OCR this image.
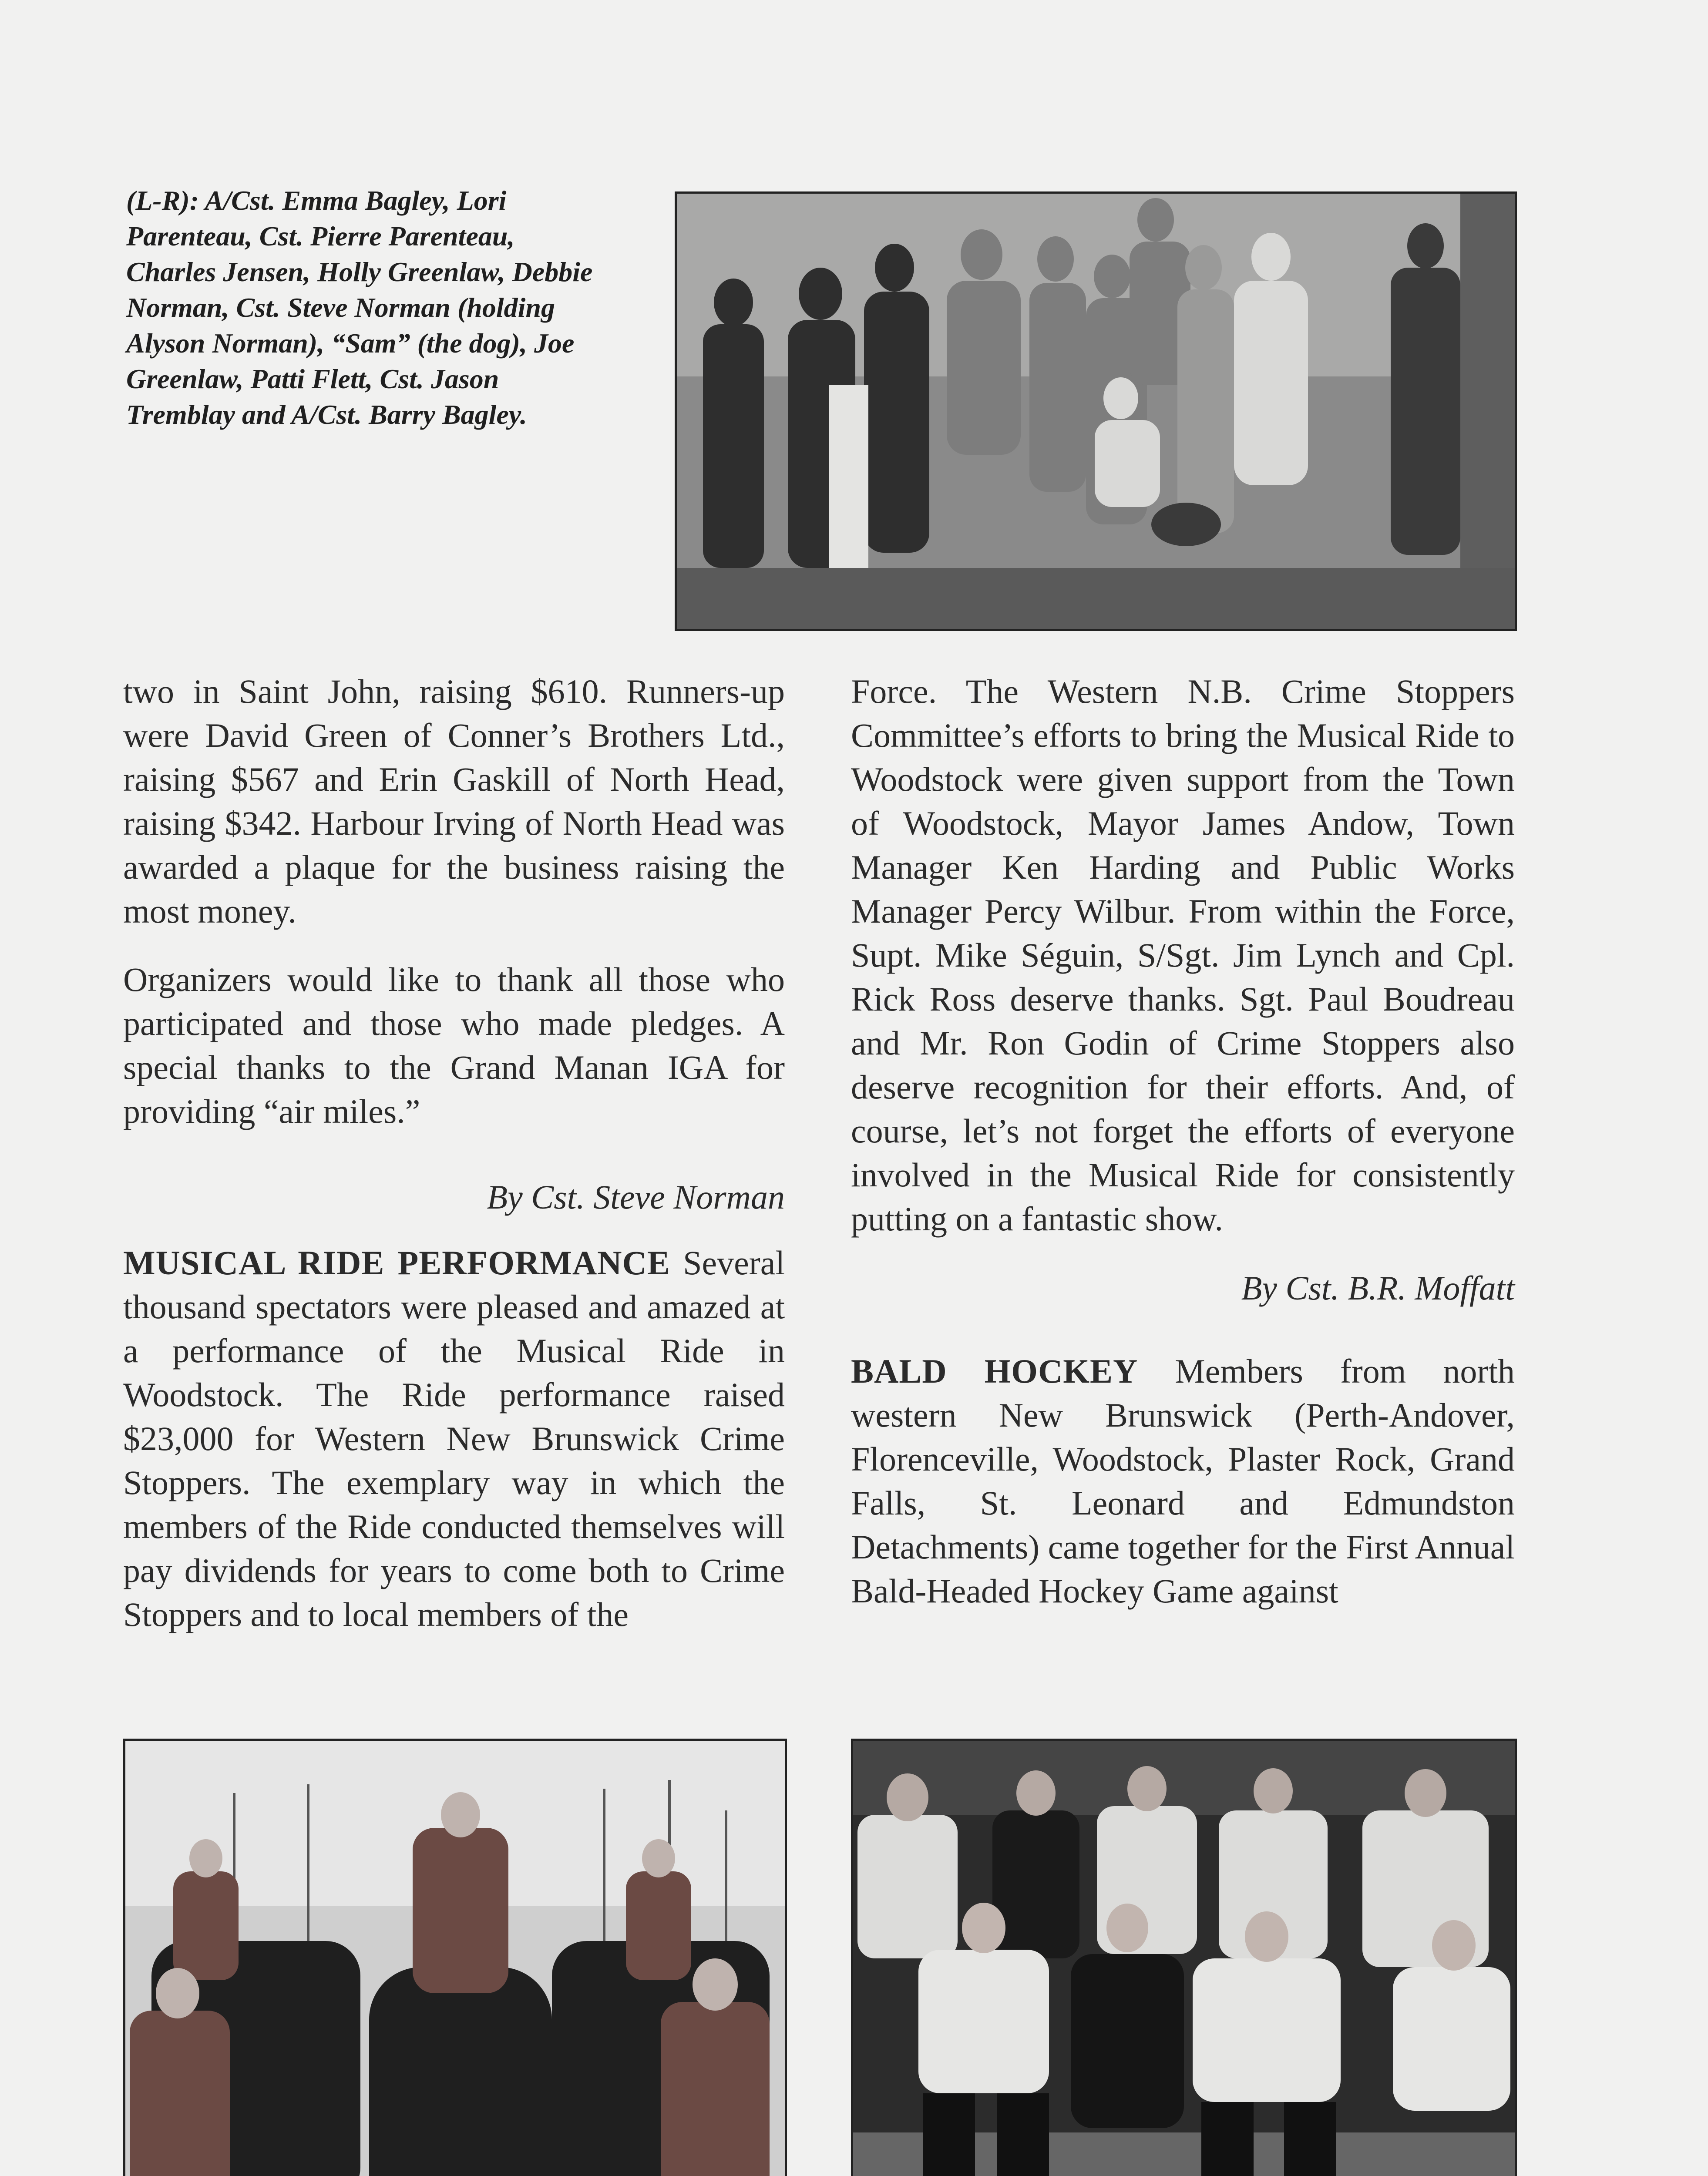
(L-R): A/Cst. Emma Bagley, Lori Parenteau, Cst. Pierre Parenteau, Charles Jensen, Holly Greenlaw, Debbie Norman, Cst. Steve Norman (holding Alyson Norman), “Sam” (the dog), Joe Greenlaw, Patti Flett, Cst. Jason Tremblay and A/Cst. Barry Bagley.

two in Saint John, raising $610. Runners-up were David Green of Conner’s Brothers Ltd., raising $567 and Erin Gaskill of North Head, raising $342. Harbour Irving of North Head was awarded a plaque for the business raising the most money.

Organizers would like to thank all those who participated and those who made pledges. A special thanks to the Grand Manan IGA for providing “air miles.”

By Cst. Steve Norman

MUSICAL RIDE PERFORMANCE Several thousand spectators were pleased and amazed at a performance of the Musical Ride in Woodstock. The Ride performance raised $23,000 for Western New Brunswick Crime Stoppers. The exemplary way in which the members of the Ride conducted themselves will pay dividends for years to come both to Crime Stoppers and to local members of the

Force. The Western N.B. Crime Stoppers Committee’s efforts to bring the Musical Ride to Woodstock were given support from the Town of Woodstock, Mayor James Andow, Town Manager Ken Harding and Public Works Manager Percy Wilbur. From within the Force, Supt. Mike Séguin, S/Sgt. Jim Lynch and Cpl. Rick Ross deserve thanks. Sgt. Paul Boudreau and Mr. Ron Godin of Crime Stoppers also deserve recognition for their efforts. And, of course, let’s not forget the efforts of everyone involved in the Musical Ride for consistently putting on a fantastic show.

By Cst. B.R. Moffatt

BALD HOCKEY Members from north western New Brunswick (Perth-Andover, Florenceville, Woodstock, Plaster Rock, Grand Falls, St. Leonard and Edmundston Detachments) came together for the First Annual Bald-Headed Hockey Game against
